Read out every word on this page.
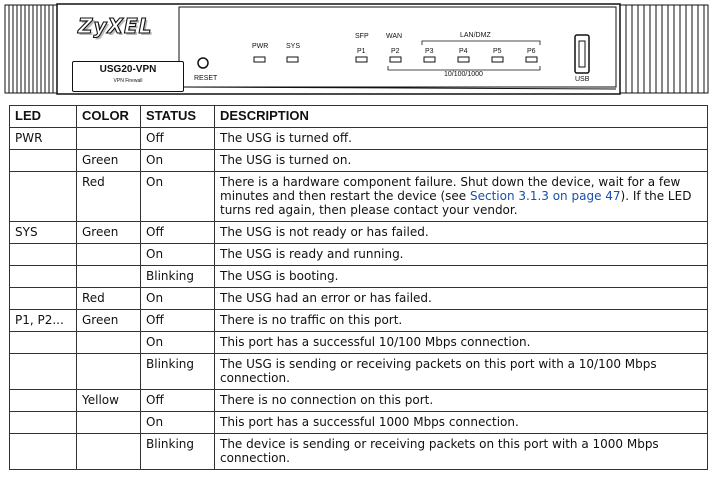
ZyXEL
USG20-VPN
VPN Firewall	RESET
PWR	SYS
SFP WAN	LAN/DMZ
P1	P2	P3	P4	P5	P6
10/100/1000
USB
LED	COLOR	STATUS	DESCRIPTION
PWR		Off	The USG is turned off.
	Green	On	The USG is turned on.
	Red	On	There is a hardware component failure. Shut down the device, wait for a few minutes and then restart the device (see Section 3.1.3 on page 47). If the LED turns red again, then please contact your vendor.
SYS	Green	Off	The USG is not ready or has failed.
		On	The USG is ready and running.
		Blinking	The USG is booting.
	Red	On	The USG had an error or has failed.
P1, P2...	Green	Off	There is no traffic on this port.
		On	This port has a successful 10/100 Mbps connection.
		Blinking	The USG is sending or receiving packets on this port with a 10/100 Mbps connection.
	Yellow	Off	There is no connection on this port.
		On	This port has a successful 1000 Mbps connection.
		Blinking	The device is sending or receiving packets on this port with a 1000 Mbps connection.
